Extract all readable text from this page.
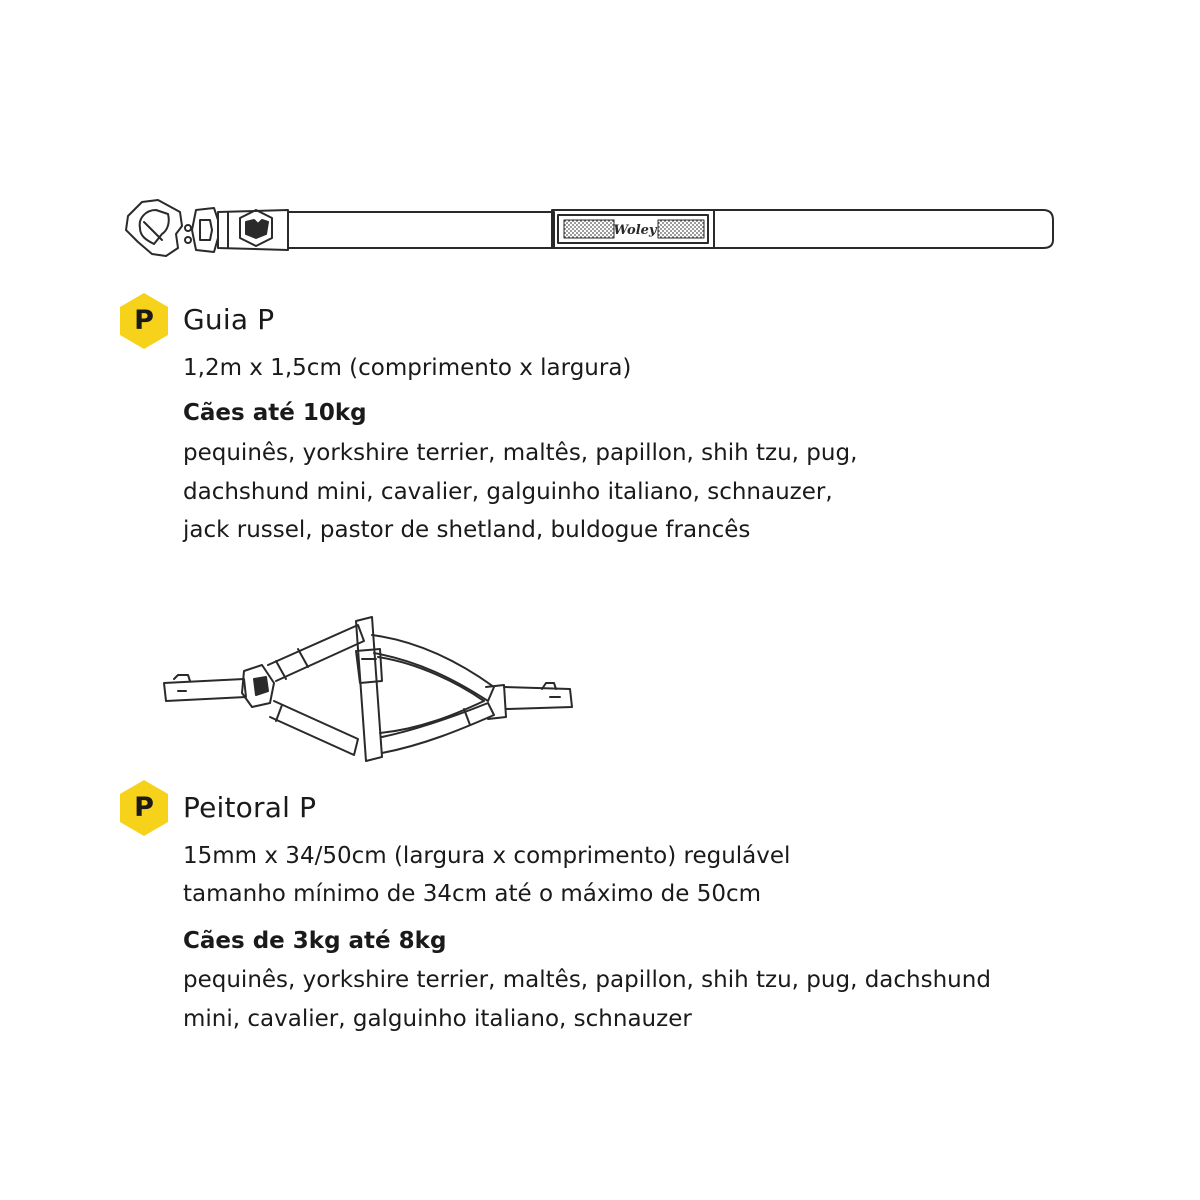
Woley
P	Guia P
1,2m x 1,5cm (comprimento x largura)
Cães até 10kg
pequinês, yorkshire terrier, maltês, papillon, shih tzu, pug,
dachshund mini, cavalier, galguinho italiano, schnauzer,
jack russel, pastor de shetland, buldogue francês
P	Peitoral P
15mm x 34/50cm (largura x comprimento) regulável
tamanho mínimo de 34cm até o máximo de 50cm
Cães de 3kg até 8kg
pequinês, yorkshire terrier, maltês, papillon, shih tzu, pug, dachshund
mini, cavalier, galguinho italiano, schnauzer
